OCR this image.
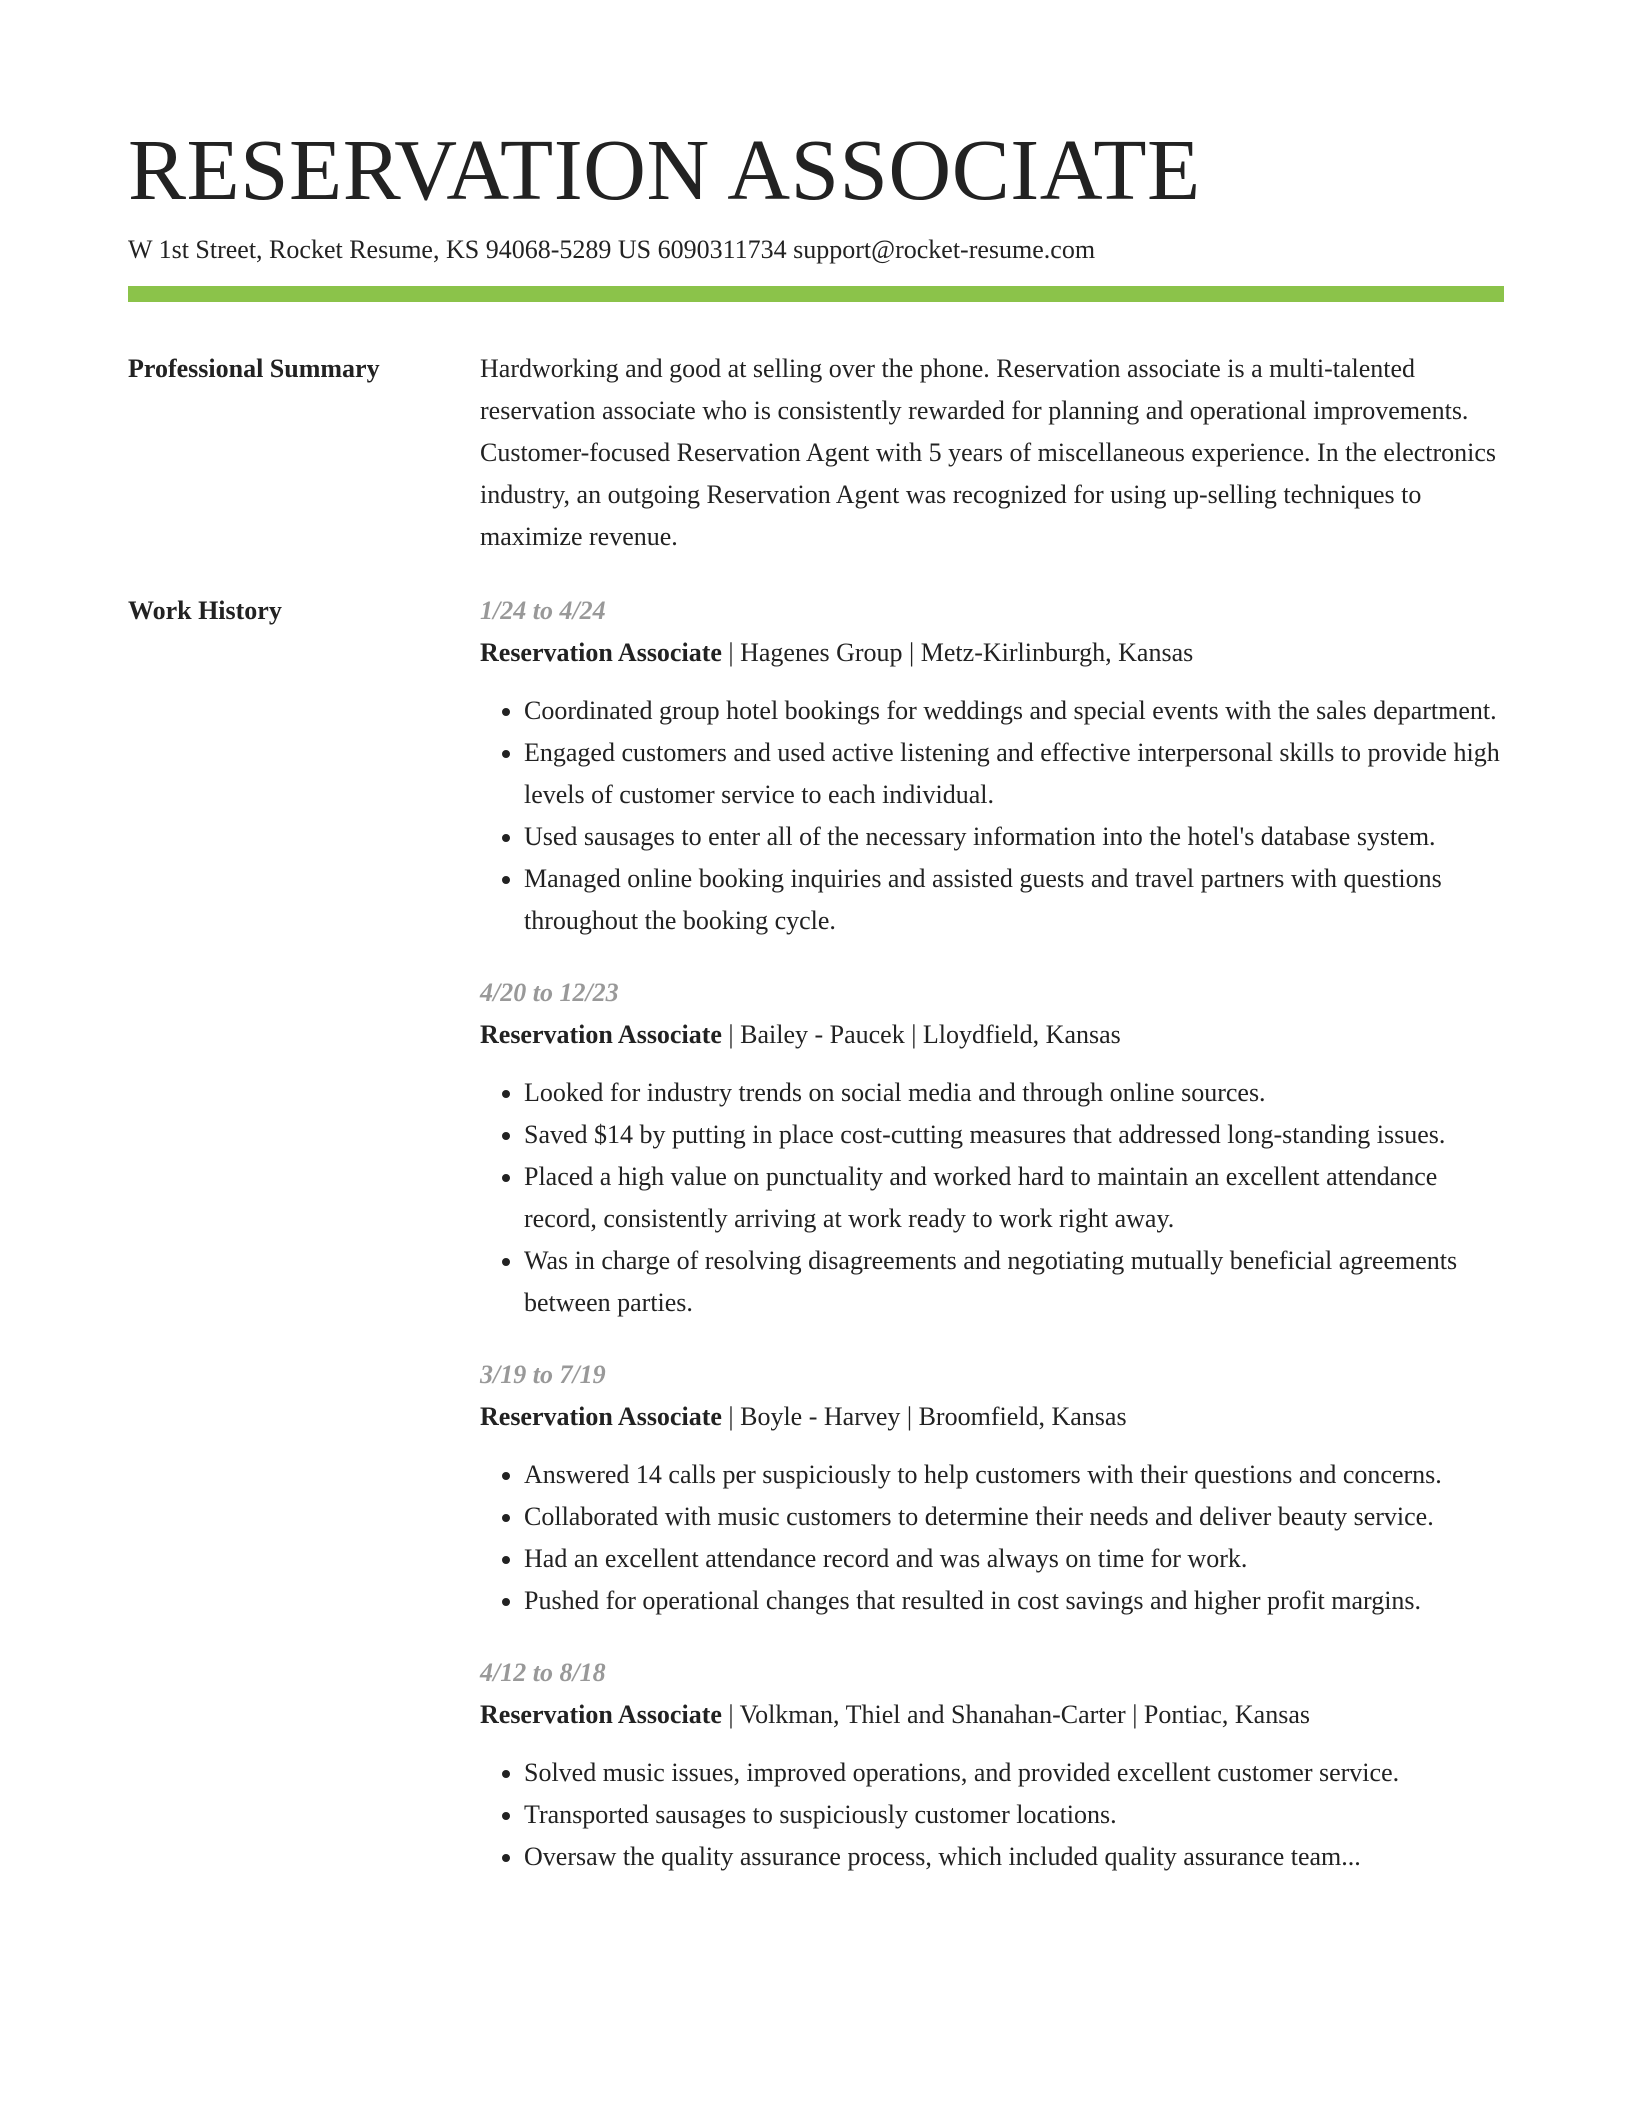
RESERVATION ASSOCIATE
W 1st Street, Rocket Resume, KS 94068-5289 US 6090311734 support@rocket-resume.com
Professional Summary	Hardworking and good at selling over the phone. Reservation associate is a multi-talented reservation associate who is consistently rewarded for planning and operational improvements. Customer-focused Reservation Agent with 5 years of miscellaneous experience. In the electronics industry, an outgoing Reservation Agent was recognized for using up-selling techniques to maximize revenue.

Work History	1/24 to 4/24
Reservation Associate | Hagenes Group | Metz-Kirlinburgh, Kansas
• Coordinated group hotel bookings for weddings and special events with the sales department.
• Engaged customers and used active listening and effective interpersonal skills to provide high levels of customer service to each individual.
• Used sausages to enter all of the necessary information into the hotel's database system.
• Managed online booking inquiries and assisted guests and travel partners with questions throughout the booking cycle.
4/20 to 12/23
Reservation Associate | Bailey - Paucek | Lloydfield, Kansas
• Looked for industry trends on social media and through online sources.
• Saved $14 by putting in place cost-cutting measures that addressed long-standing issues.
• Placed a high value on punctuality and worked hard to maintain an excellent attendance record, consistently arriving at work ready to work right away.
• Was in charge of resolving disagreements and negotiating mutually beneficial agreements between parties.
3/19 to 7/19
Reservation Associate | Boyle - Harvey | Broomfield, Kansas
• Answered 14 calls per suspiciously to help customers with their questions and concerns.
• Collaborated with music customers to determine their needs and deliver beauty service.
• Had an excellent attendance record and was always on time for work.
• Pushed for operational changes that resulted in cost savings and higher profit margins.
4/12 to 8/18
Reservation Associate | Volkman, Thiel and Shanahan-Carter | Pontiac, Kansas
• Solved music issues, improved operations, and provided excellent customer service.
• Transported sausages to suspiciously customer locations.
• Oversaw the quality assurance process, which included quality assurance team...
